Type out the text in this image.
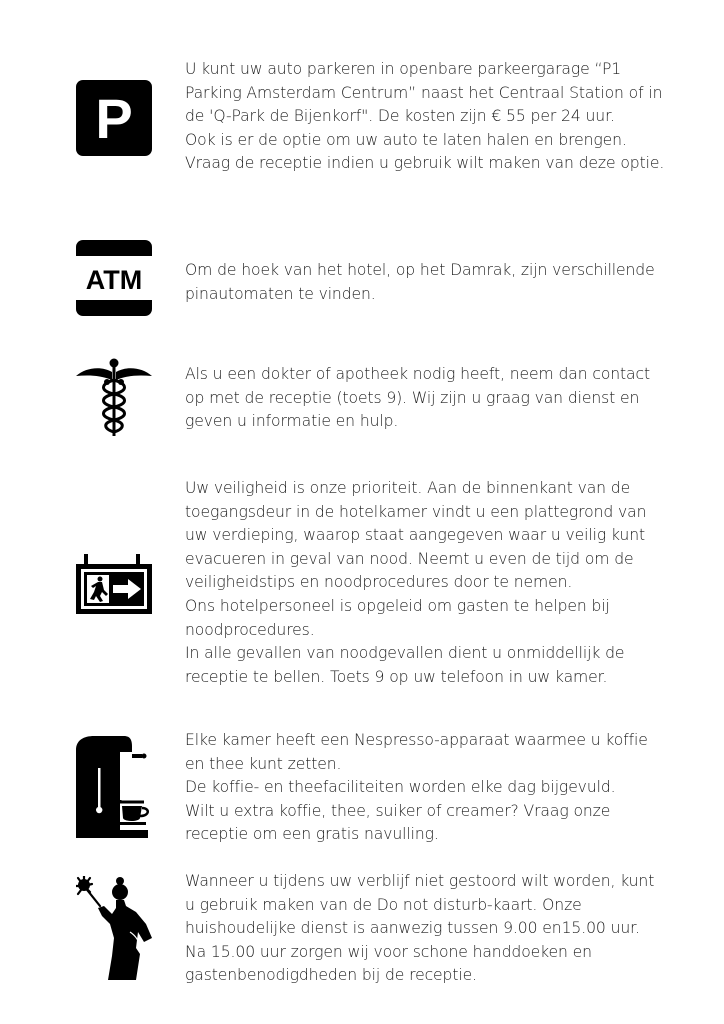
P

U kunt uw auto parkeren in openbare parkeergarage “P1 Parking Amsterdam Centrum” naast het Centraal Station of in de 'Q-Park de Bijenkorf". De kosten zijn € 55 per 24 uur.

Ook is er de optie om uw auto te laten halen en brengen. Vraag de receptie indien u gebruik wilt maken van deze optie.

ATM	Om de hoek van het hotel, op het Damrak, zijn verschillende pinautomaten te vinden.

Als u een dokter of apotheek nodig heeft, neem dan contact op met de receptie (toets 9). Wij zijn u graag van dienst en geven u informatie en hulp.

Uw veiligheid is onze prioriteit. Aan de binnenkant van de toegangsdeur in de hotelkamer vindt u een plattegrond van uw verdieping, waarop staat aangegeven waar u veilig kunt evacueren in geval van nood. Neemt u even de tijd om de veiligheidstips en noodprocedures door te nemen.

Ons hotelpersoneel is opgeleid om gasten te helpen bij noodprocedures.

In alle gevallen van noodgevallen dient u onmiddellijk de receptie te bellen. Toets 9 op uw telefoon in uw kamer.

Elke kamer heeft een Nespresso-apparaat waarmee u koffie en thee kunt zetten.

De koffie- en theefaciliteiten worden elke dag bijgevuld.

Wilt u extra koffie, thee, suiker of creamer? Vraag onze receptie om een gratis navulling.

Wanneer u tijdens uw verblijf niet gestoord wilt worden, kunt u gebruik maken van de Do not disturb-kaart. Onze huishoudelijke dienst is aanwezig tussen 9.00 en15.00 uur.

Na 15.00 uur zorgen wij voor schone handdoeken en gastenbenodigdheden bij de receptie.
